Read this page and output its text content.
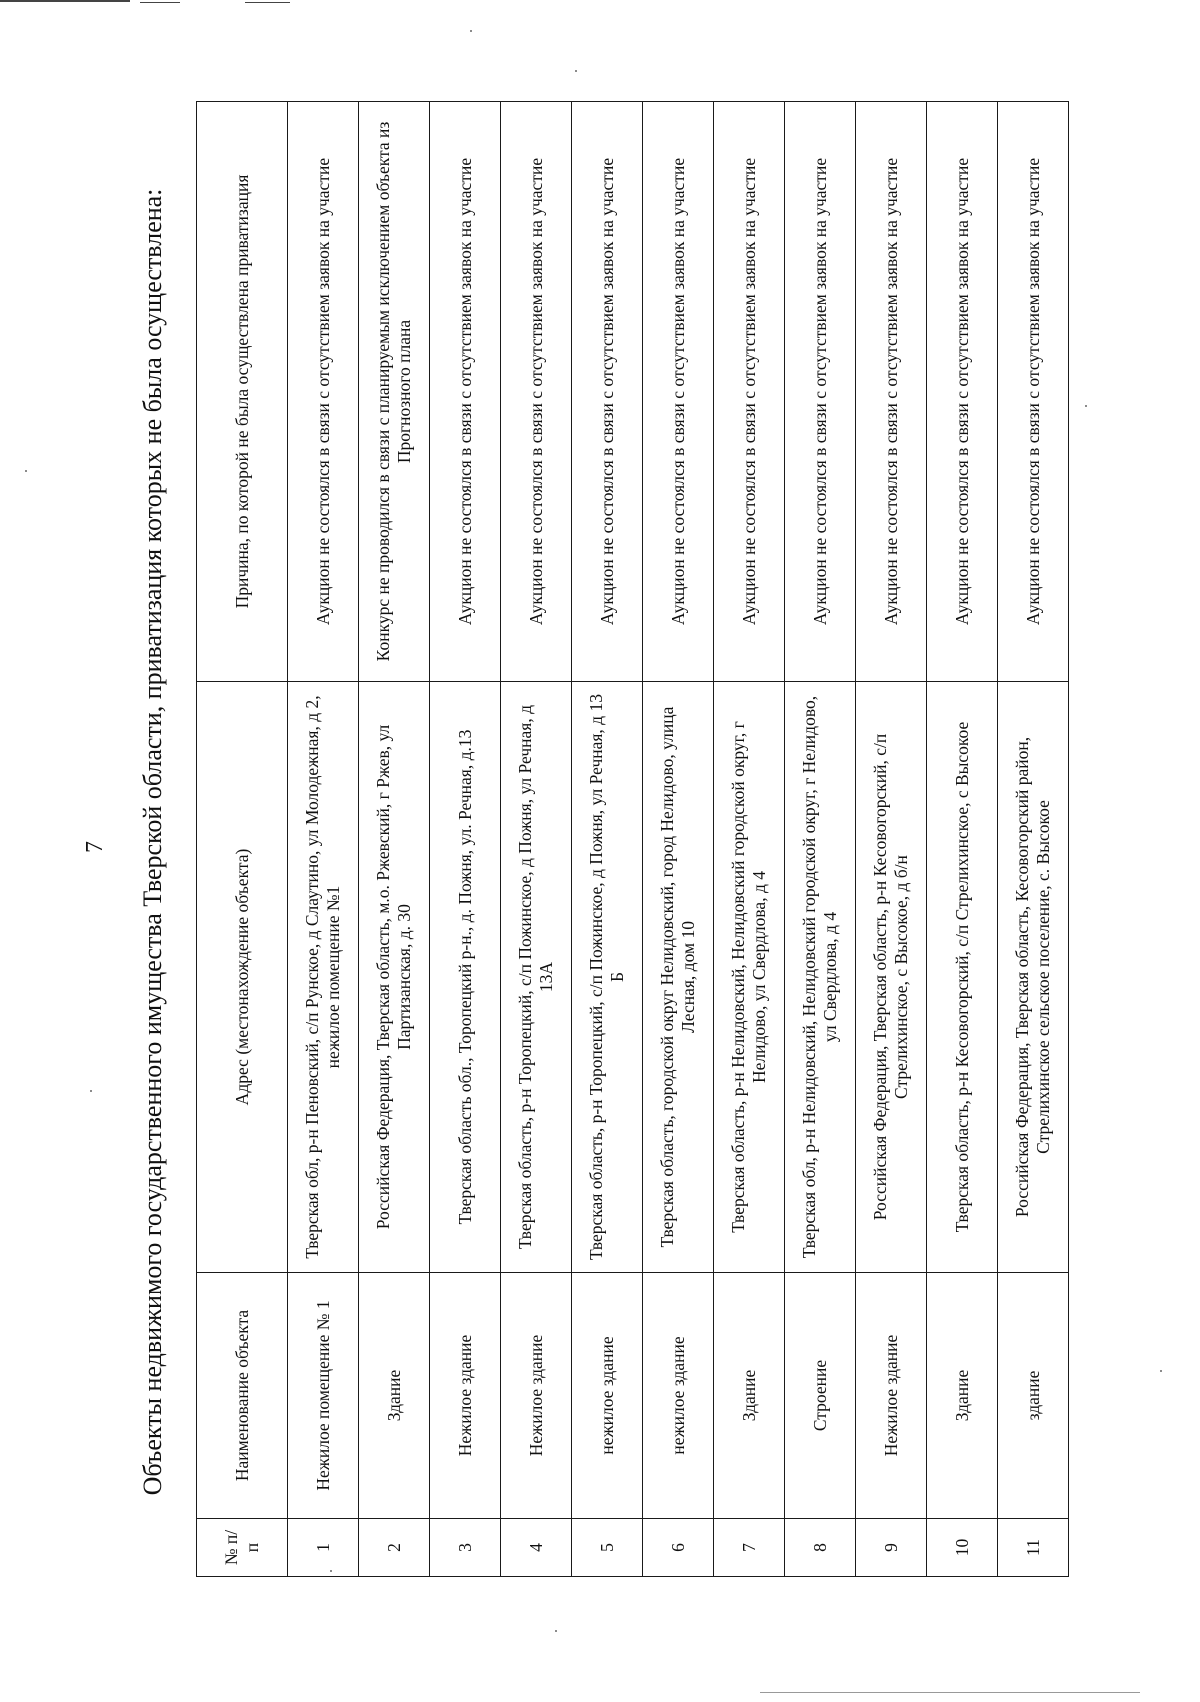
7 Объекты недвижимого государственного имущества Тверской области, приватизация которых не была осуществлена:
№ п/п	Наименование объекта	Адрес (местонахождение объекта)	Причина, по которой не была осуществлена приватизация
1	Нежилое помещение № 1	Тверская обл, р-н Пеновский, с/п Рунское, д Слаутино, ул Молодежная, д 2, нежилое помещение №1	Аукцион не состоялся в связи с отсутствием заявок на участие
2	Здание	Российская Федерация, Тверская область, м.о. Ржевский, г Ржев, ул Партизанская, д. 30	Конкурс не проводился в связи с планируемым исключением объекта из Прогнозного плана
3	Нежилое здание	Тверская область обл., Торопецкий р-н., д. Пожня, ул. Речная, д.13	Аукцион не состоялся в связи с отсутствием заявок на участие
4	Нежилое здание	Тверская область, р-н Торопецкий, с/п Пожинское, д Пожня, ул Речная, д 13А	Аукцион не состоялся в связи с отсутствием заявок на участие
5	нежилое здание	Тверская область, р-н Торопецкий, с/п Пожинское, д Пожня, ул Речная, д 13 Б	Аукцион не состоялся в связи с отсутствием заявок на участие
6	нежилое здание	Тверская область, городской округ Нелидовский, город Нелидово, улица Лесная, дом 10	Аукцион не состоялся в связи с отсутствием заявок на участие
7	Здание	Тверская область, р-н Нелидовский, Нелидовский городской округ, г Нелидово, ул Свердлова, д 4	Аукцион не состоялся в связи с отсутствием заявок на участие
8	Строение	Тверская обл, р-н Нелидовский, Нелидовский городской округ, г Нелидово, ул Свердлова, д 4	Аукцион не состоялся в связи с отсутствием заявок на участие
9	Нежилое здание	Российская Федерация, Тверская область, р-н Кесовогорский, с/п Стрелихинское, с Высокое, д б/н	Аукцион не состоялся в связи с отсутствием заявок на участие
10	Здание	Тверская область, р-н Кесовогорский, с/п Стрелихинское, с Высокое	Аукцион не состоялся в связи с отсутствием заявок на участие
11	здание	Российская Федерация, Тверская область, Кесовогорский район, Стрелихинское сельское поселение, с. Высокое	Аукцион не состоялся в связи с отсутствием заявок на участие
